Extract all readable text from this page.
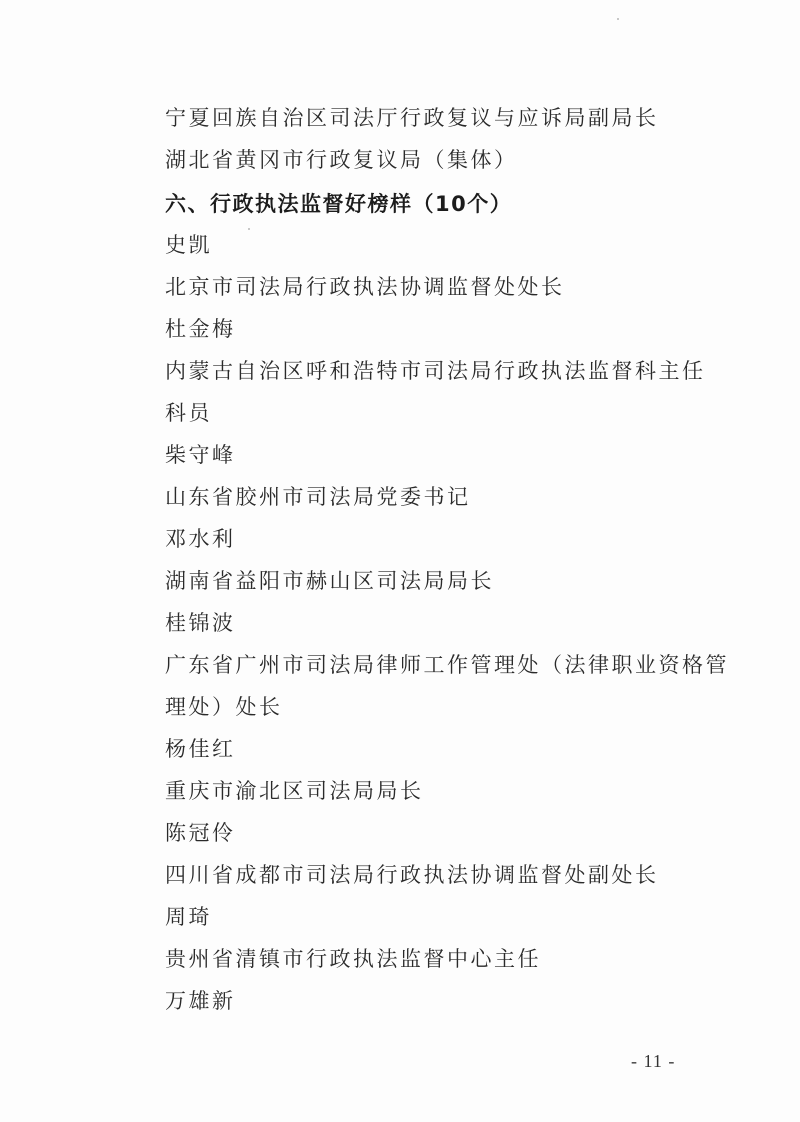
宁夏回族自治区司法厅行政复议与应诉局副局长
湖北省黄冈市行政复议局（集体）
六、行政执法监督好榜样（10个）
史凯
北京市司法局行政执法协调监督处处长
杜金梅
内蒙古自治区呼和浩特市司法局行政执法监督科主任
科员
柴守峰
山东省胶州市司法局党委书记
邓水利
湖南省益阳市赫山区司法局局长
桂锦波
广东省广州市司法局律师工作管理处（法律职业资格管
理处）处长
杨佳红
重庆市渝北区司法局局长
陈冠伶
四川省成都市司法局行政执法协调监督处副处长
周琦
贵州省清镇市行政执法监督中心主任
万雄新
- 11 -
